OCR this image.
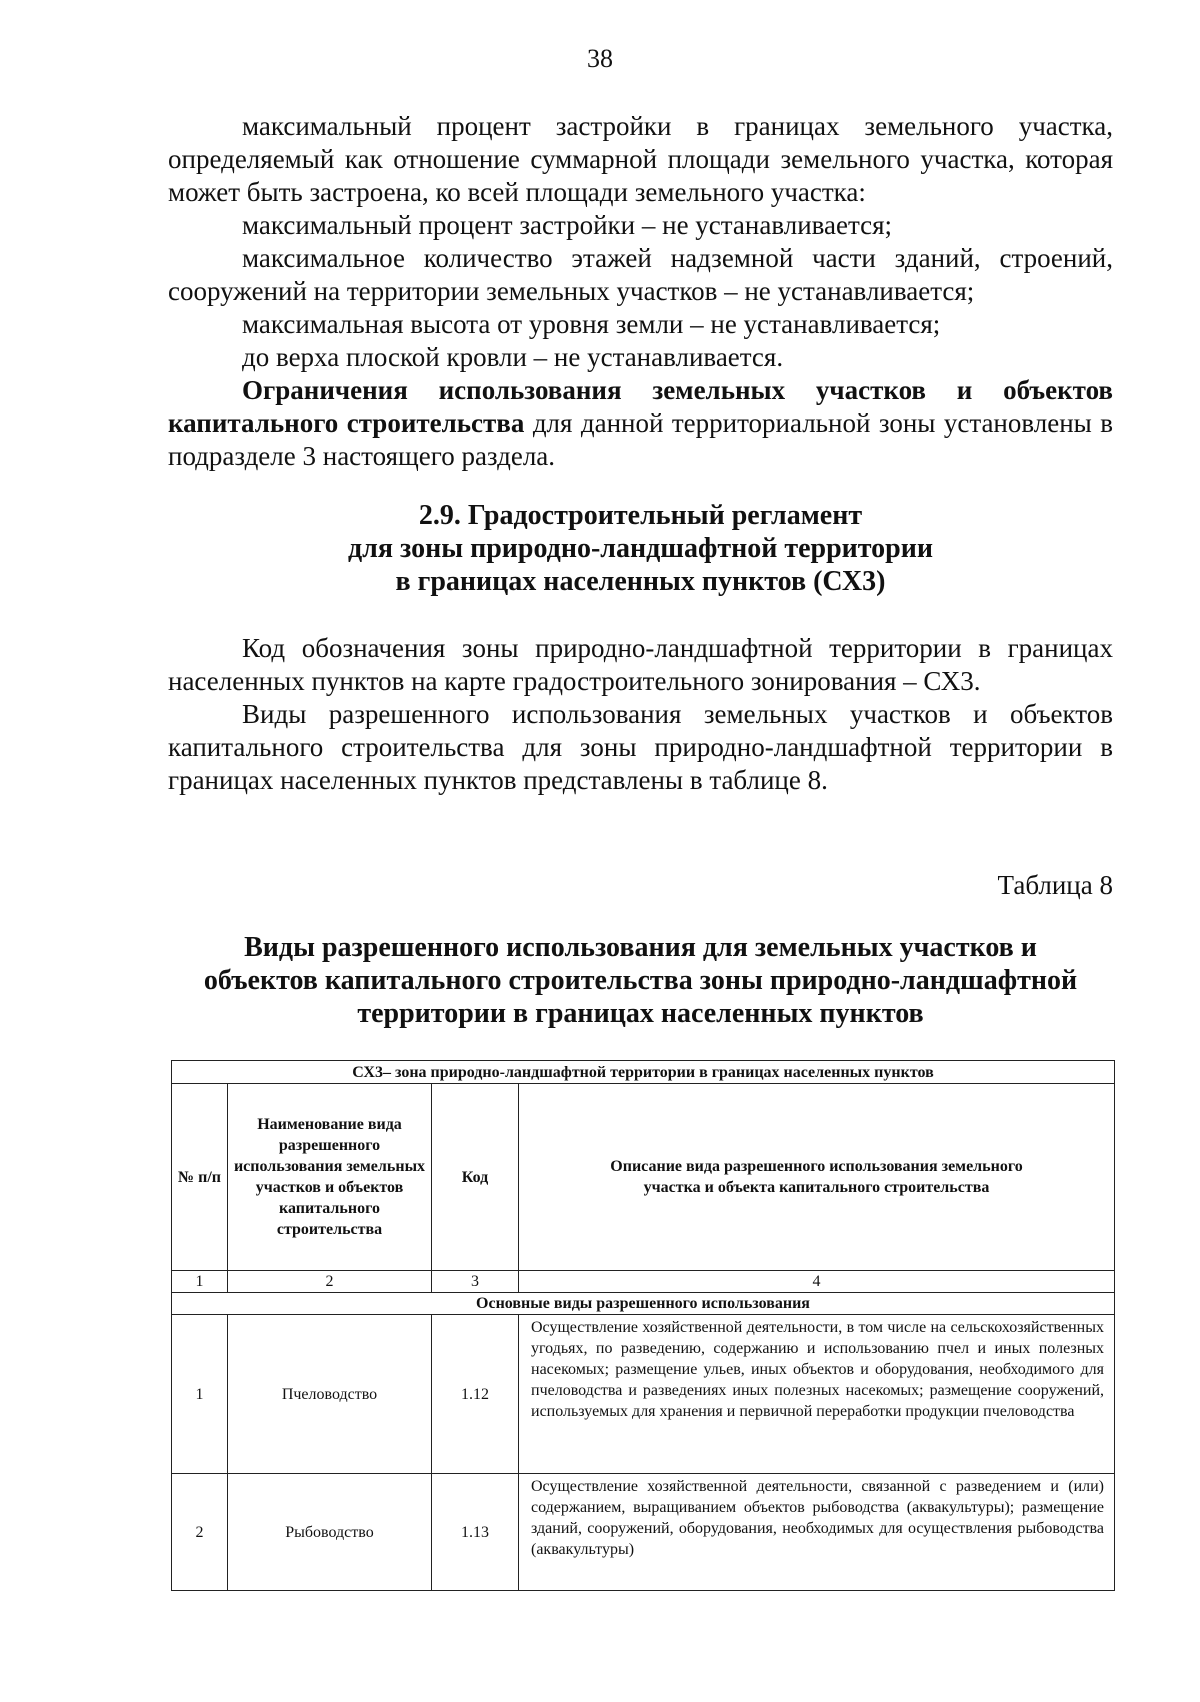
38

максимальный процент застройки в границах земельного участка, определяемый как отношение суммарной площади земельного участка, которая может быть застроена, ко всей площади земельного участка:

максимальный процент застройки – не устанавливается;

максимальное количество этажей надземной части зданий, строений, сооружений на территории земельных участков – не устанавливается;

максимальная высота от уровня земли – не устанавливается;

до верха плоской кровли – не устанавливается.

Ограничения использования земельных участков и объектов капитального строительства для данной территориальной зоны установлены в подразделе 3 настоящего раздела.

2.9. Градостроительный регламент
для зоны природно-ландшафтной территории
в границах населенных пунктов (СХ3)

Код обозначения зоны природно-ландшафтной территории в границах населенных пунктов на карте градостроительного зонирования – СХ3.

Виды разрешенного использования земельных участков и объектов капитального строительства для зоны природно-ландшафтной территории в границах населенных пунктов представлены в таблице 8.

Таблица 8
Виды разрешенного использования для земельных участков и
объектов капитального строительства зоны природно-ландшафтной
территории в границах населенных пунктов
СХ3– зона природно-ландшафтной территории в границах населенных пунктов			
№ п/п	Наименование вида разрешенного использования земельных участков и объектов капитального строительства	Код	Описание вида разрешенного использования земельного участка и объекта капитального строительства
1	2	3	4
Основные виды разрешенного использования			
1	Пчеловодство	1.12	Осуществление хозяйственной деятельности, в том числе на сельскохозяйственных угодьях, по разведению, содержанию и использованию пчел и иных полезных насекомых; размещение ульев, иных объектов и оборудования, необходимого для пчеловодства и разведениях иных полезных насекомых; размещение сооружений, используемых для хранения и первичной переработки продукции пчеловодства
2	Рыбоводство	1.13	Осуществление хозяйственной деятельности, связанной с разведением и (или) содержанием, выращиванием объектов рыбоводства (аквакультуры); размещение зданий, сооружений, оборудования, необходимых для осуществления рыбоводства (аквакультуры)
